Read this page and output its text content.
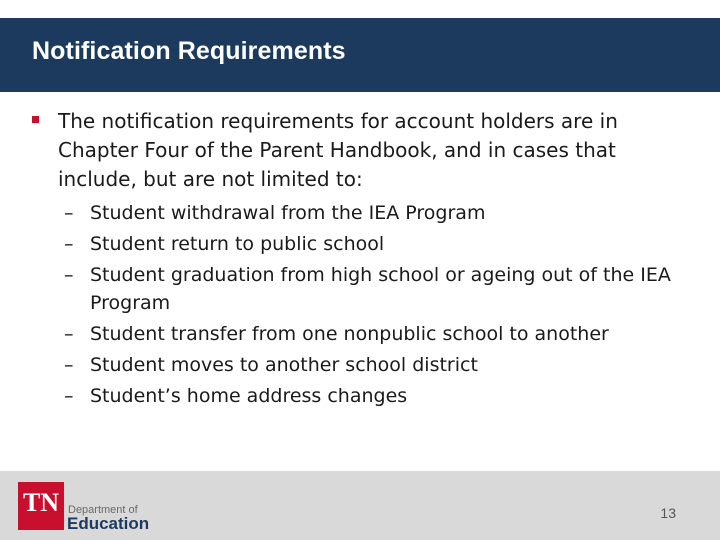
Notification Requirements
The notification requirements for account holders are in Chapter Four of the Parent Handbook, and in cases that include, but are not limited to:
– Student withdrawal from the IEA Program
– Student return to public school
– Student graduation from high school or ageing out of the IEA Program
– Student transfer from one nonpublic school to another
– Student moves to another school district
– Student’s home address changes
TN Department of
Education
13
